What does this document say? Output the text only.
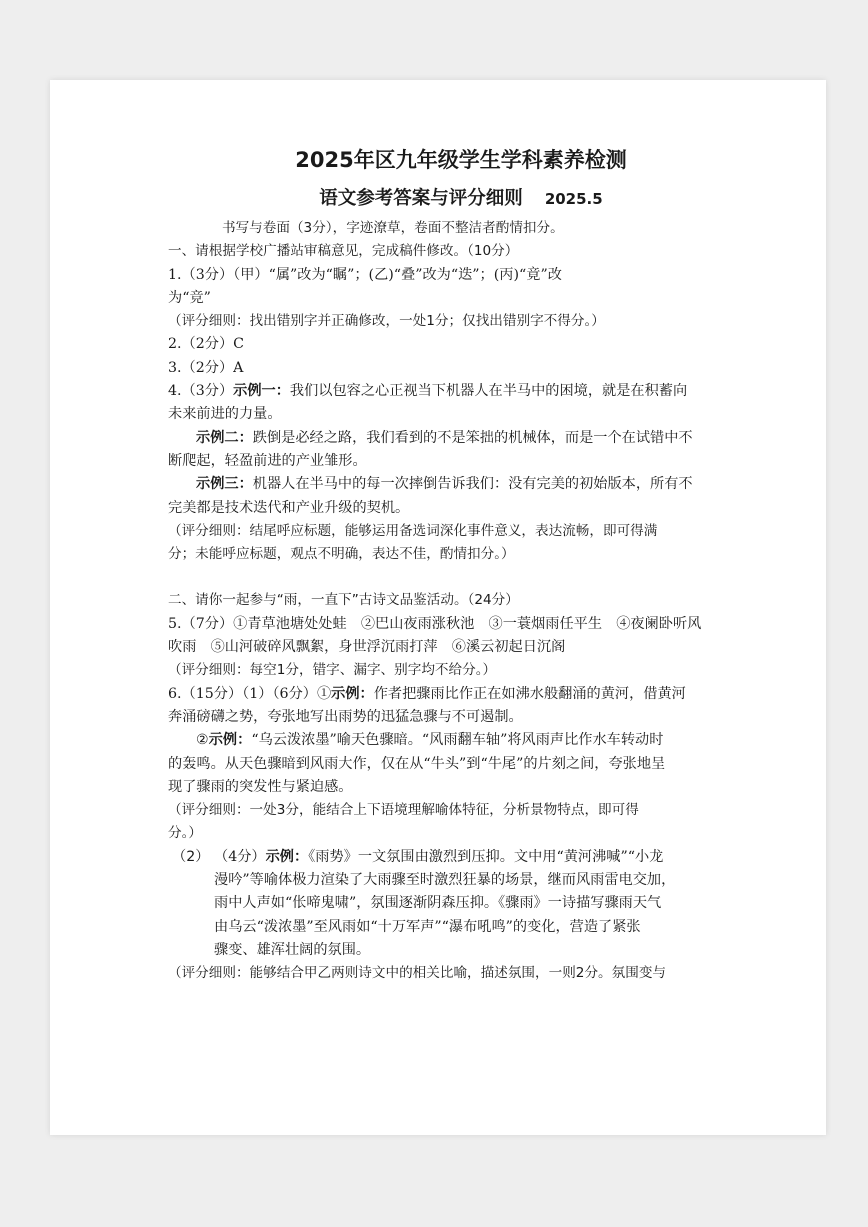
2025年区九年级学生学科素养检测
语文参考答案与评分细则 2025.5
书写与卷面（3分），字迹潦草，卷面不整洁者酌情扣分。
一、请根据学校广播站审稿意见，完成稿件修改。（10分）
1.（3分）（甲）“属”改为“瞩”；(乙)“叠”改为“迭”；(丙)“竟”改
为“竞”
（评分细则：找出错别字并正确修改，一处1分；仅找出错别字不得分。）
2.（2分）C
3.（2分）A
4.（3分）示例一：我们以包容之心正视当下机器人在半马中的困境，就是在积蓄向
未来前进的力量。
示例二：跌倒是必经之路，我们看到的不是笨拙的机械体，而是一个在试错中不
断爬起，轻盈前进的产业雏形。
示例三：机器人在半马中的每一次摔倒告诉我们：没有完美的初始版本，所有不
完美都是技术迭代和产业升级的契机。
（评分细则：结尾呼应标题，能够运用备选词深化事件意义，表达流畅，即可得满
分；未能呼应标题，观点不明确，表达不佳，酌情扣分。）
二、请你一起参与“雨，一直下”古诗文品鉴活动。（24分）
5.（7分）①青草池塘处处蛙　②巴山夜雨涨秋池　③一蓑烟雨任平生　④夜阑卧听风
吹雨　⑤山河破碎风飘絮，身世浮沉雨打萍　⑥溪云初起日沉阁
（评分细则：每空1分，错字、漏字、别字均不给分。）
6.（15分）（1）（6分）①示例：作者把骤雨比作正在如沸水般翻涌的黄河，借黄河
奔涌磅礴之势，夸张地写出雨势的迅猛急骤与不可遏制。
②示例：“乌云泼浓墨”喻天色骤暗。“风雨翻车轴”将风雨声比作水车转动时
的轰鸣。从天色骤暗到风雨大作，仅在从“牛头”到“牛尾”的片刻之间，夸张地呈
现了骤雨的突发性与紧迫感。
（评分细则：一处3分，能结合上下语境理解喻体特征，分析景物特点，即可得
分。）
（2） （4分）示例：《雨势》一文氛围由激烈到压抑。文中用“黄河沸喊”“小龙
漫吟”等喻体极力渲染了大雨骤至时激烈狂暴的场景，继而风雨雷电交加，
雨中人声如“伥啼鬼啸”，氛围逐渐阴森压抑。《骤雨》一诗描写骤雨天气
由乌云“泼浓墨”至风雨如“十万军声”“瀑布吼鸣”的变化，营造了紧张
骤变、雄浑壮阔的氛围。
（评分细则：能够结合甲乙两则诗文中的相关比喻，描述氛围，一则2分。氛围变与
